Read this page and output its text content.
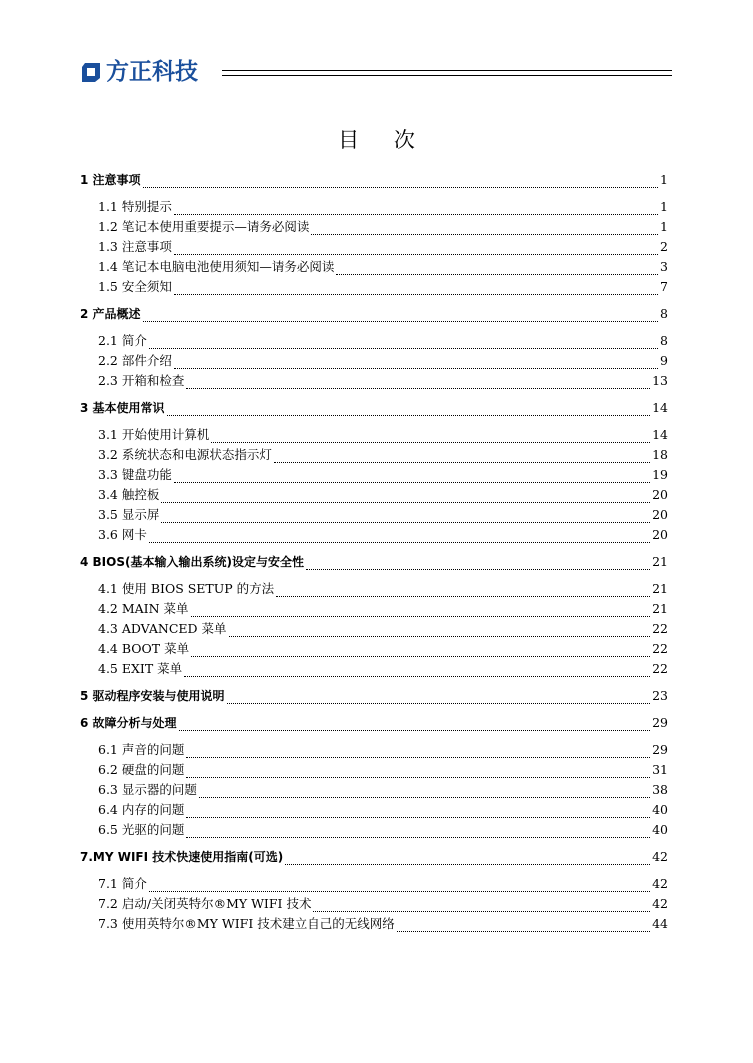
方正科技
目 次
1 注意事项	1
1.1 特别提示	1
1.2 笔记本使用重要提示—请务必阅读	1
1.3 注意事项	2
1.4 笔记本电脑电池使用须知—请务必阅读	3
1.5 安全须知	7
2 产品概述	8
2.1 简介	8
2.2 部件介绍	9
2.3 开箱和检查	13
3 基本使用常识	14
3.1 开始使用计算机	14
3.2 系统状态和电源状态指示灯	18
3.3 键盘功能	19
3.4 触控板	20
3.5 显示屏	20
3.6 网卡	20
4 BIOS(基本输入输出系统)设定与安全性	21
4.1 使用 BIOS SETUP 的方法	21
4.2 MAIN 菜单	21
4.3 ADVANCED 菜单	22
4.4 BOOT 菜单	22
4.5 EXIT 菜单	22
5 驱动程序安装与使用说明	23
6 故障分析与处理	29
6.1 声音的问题	29
6.2 硬盘的问题	31
6.3 显示器的问题	38
6.4 内存的问题	40
6.5 光驱的问题	40
7.MY WIFI 技术快速使用指南(可选)	42
7.1 简介	42
7.2 启动/关闭英特尔®MY WIFI 技术	42
7.3 使用英特尔®MY WIFI 技术建立自己的无线网络	44
